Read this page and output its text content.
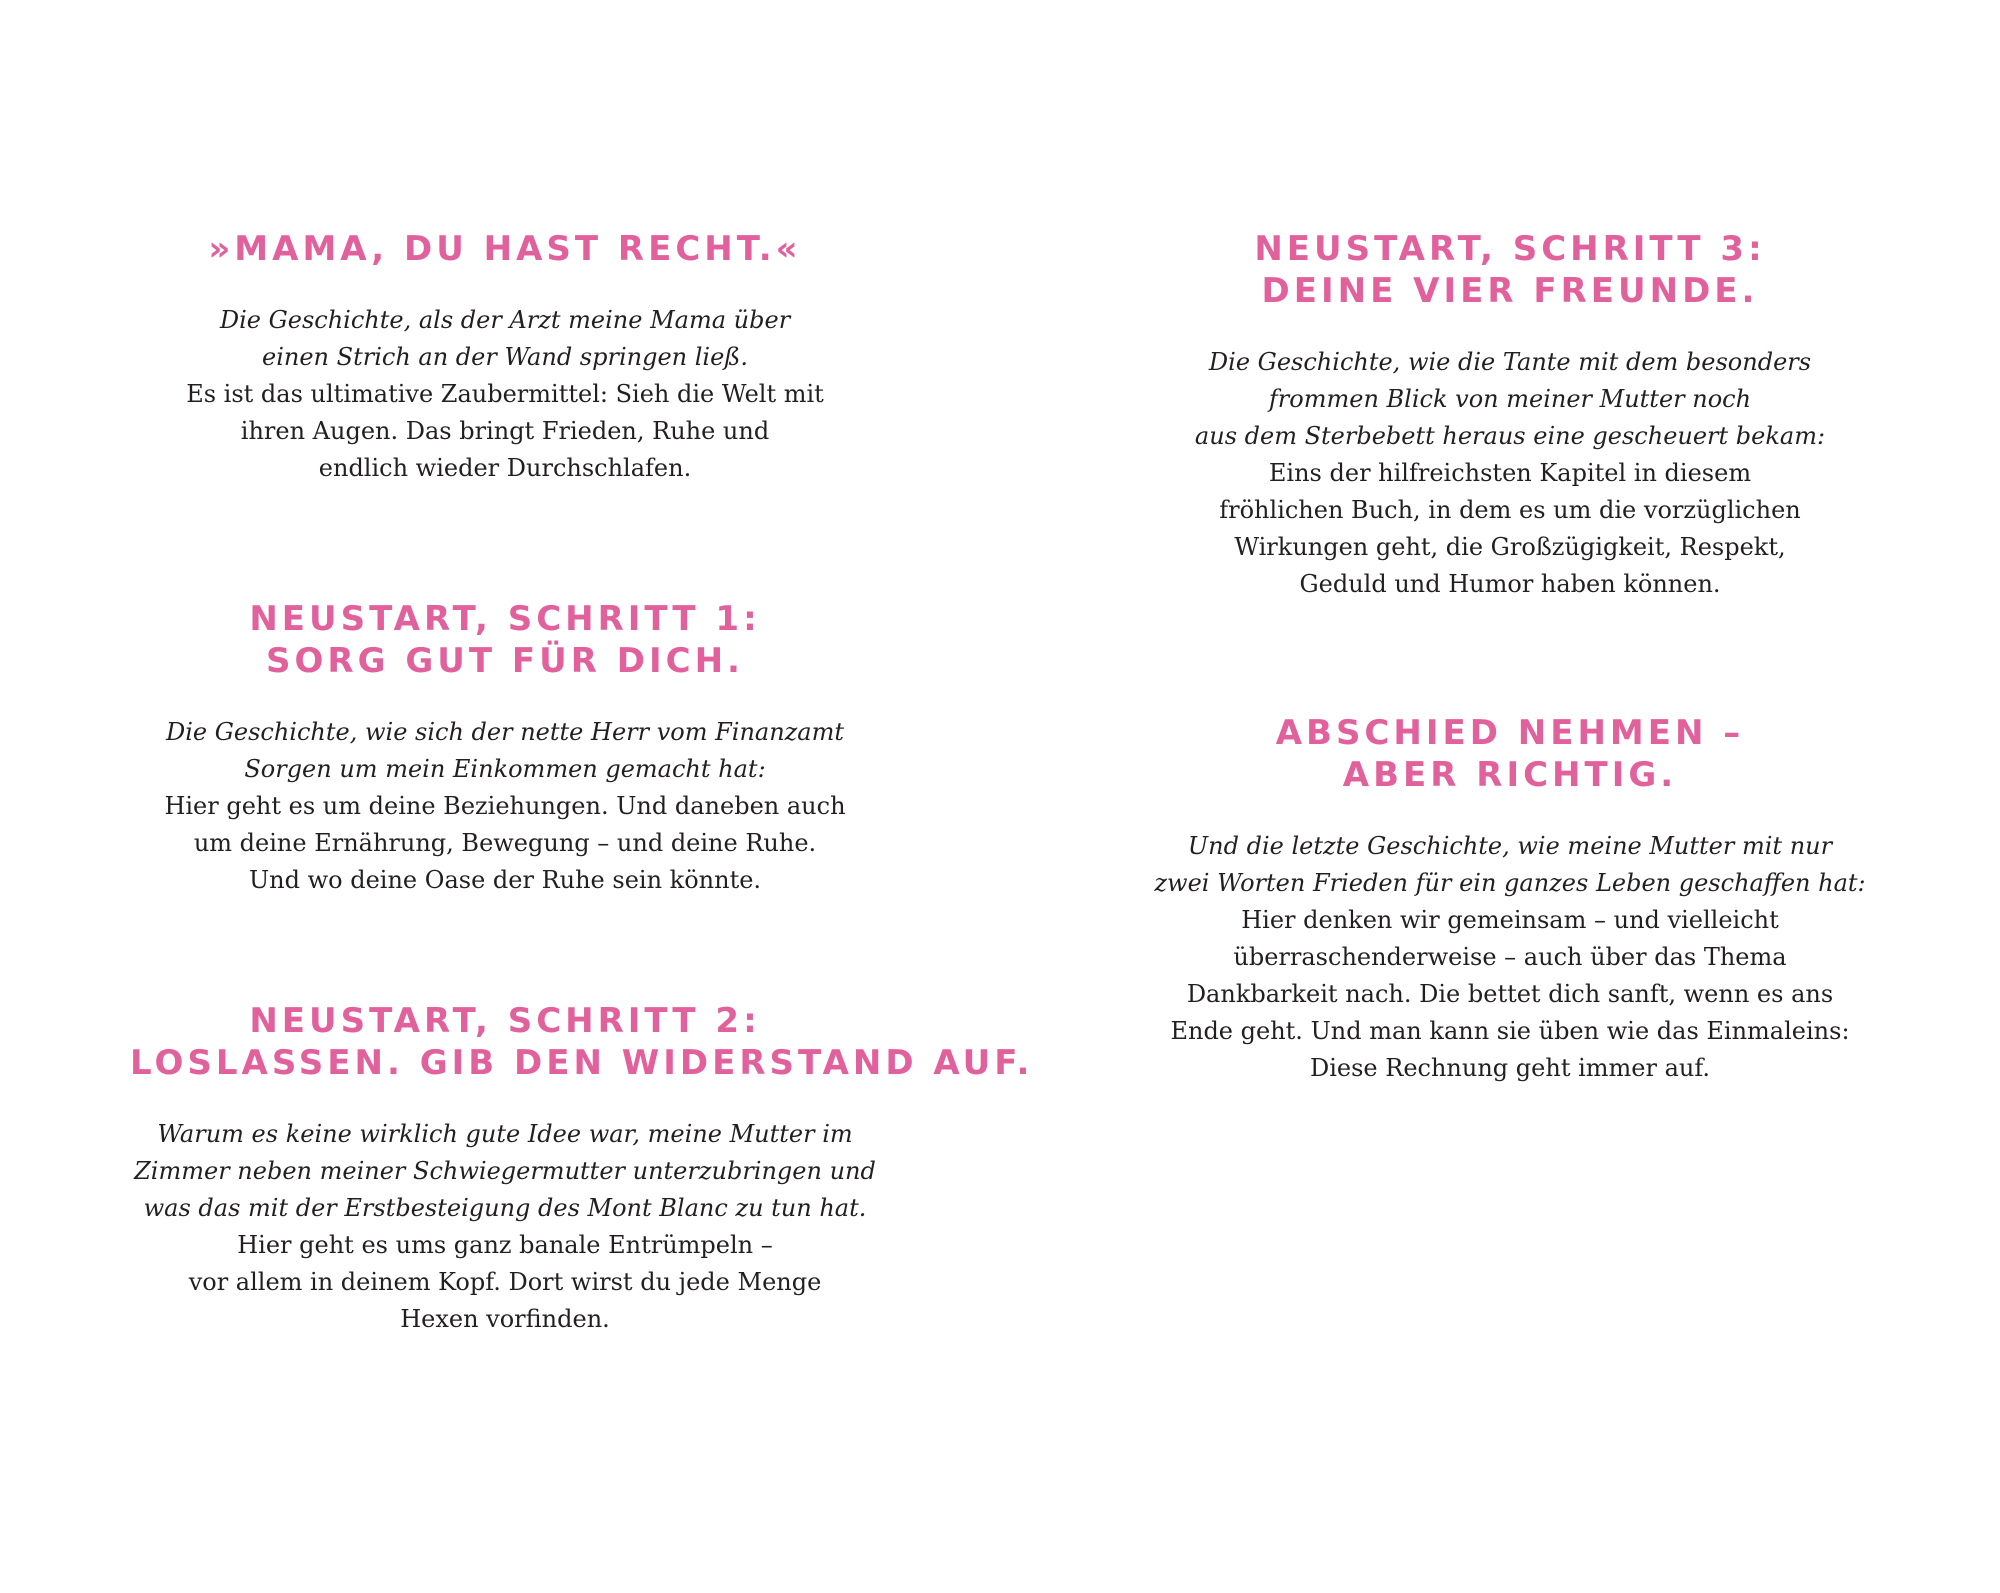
»MAMA, DU HAST RECHT.«

Die Geschichte, als der Arzt meine Mama über
einen Strich an der Wand springen ließ.

Es ist das ultimative Zaubermittel: Sieh die Welt mit
ihren Augen. Das bringt Frieden, Ruhe und
endlich wieder Durchschlafen.

NEUSTART, SCHRITT 1:
SORG GUT FÜR DICH.

Die Geschichte, wie sich der nette Herr vom Finanzamt
Sorgen um mein Einkommen gemacht hat:

Hier geht es um deine Beziehungen. Und daneben auch
um deine Ernährung, Bewegung – und deine Ruhe.
Und wo deine Oase der Ruhe sein könnte.

NEUSTART, SCHRITT 2:
LOSLASSEN. GIB DEN WIDERSTAND AUF.

Warum es keine wirklich gute Idee war, meine Mutter im
Zimmer neben meiner Schwiegermutter unterzubringen und
was das mit der Erstbesteigung des Mont Blanc zu tun hat.

Hier geht es ums ganz banale Entrümpeln –
vor allem in deinem Kopf. Dort wirst du jede Menge
Hexen vorfinden.

NEUSTART, SCHRITT 3:
DEINE VIER FREUNDE.

Die Geschichte, wie die Tante mit dem besonders
frommen Blick von meiner Mutter noch
aus dem Sterbebett heraus eine gescheuert bekam:

Eins der hilfreichsten Kapitel in diesem
fröhlichen Buch, in dem es um die vorzüglichen
Wirkungen geht, die Großzügigkeit, Respekt,
Geduld und Humor haben können.

ABSCHIED NEHMEN –
ABER RICHTIG.

Und die letzte Geschichte, wie meine Mutter mit nur
zwei Worten Frieden für ein ganzes Leben geschaffen hat:

Hier denken wir gemeinsam – und vielleicht
überraschenderweise – auch über das Thema
Dankbarkeit nach. Die bettet dich sanft, wenn es ans
Ende geht. Und man kann sie üben wie das Einmaleins:
Diese Rechnung geht immer auf.
